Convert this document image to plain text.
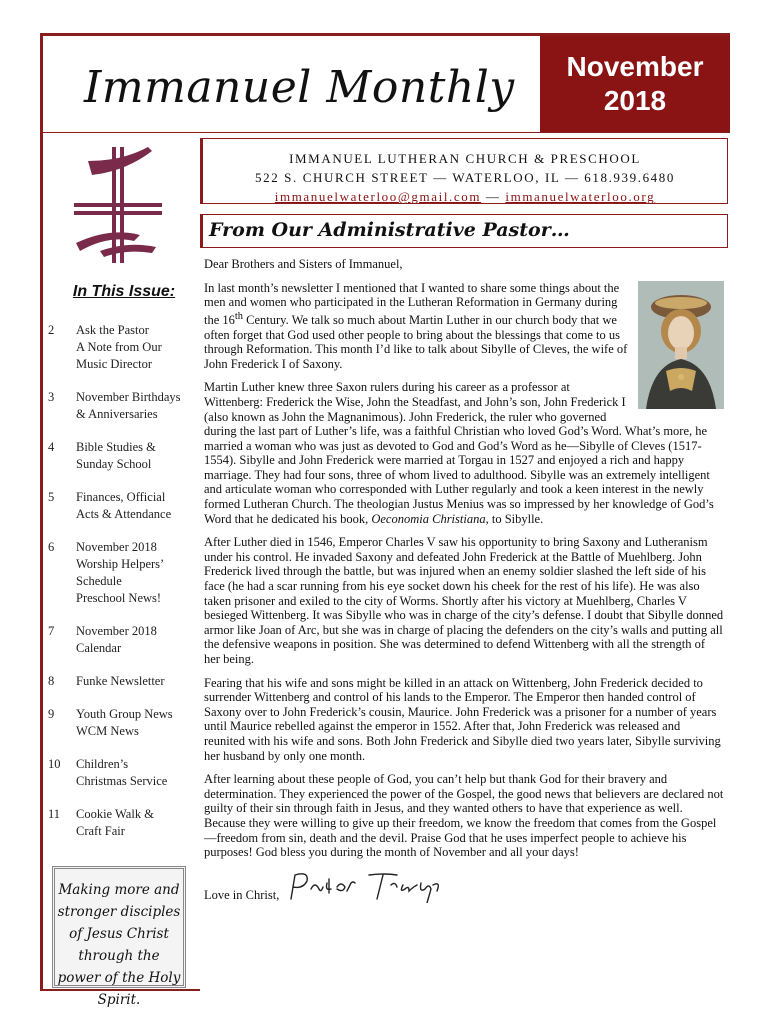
Immanuel Monthly	November
2018
IMMANUEL LUTHERAN CHURCH & PRESCHOOL
522 S. CHURCH STREET — WATERLOO, IL — 618.939.6480
immanuelwaterloo@gmail.com — immanuelwaterloo.org
From Our Administrative Pastor…
In This Issue:
2	Ask the Pastor
A Note from Our
Music Director
3	November Birthdays
& Anniversaries
4	Bible Studies &
Sunday School
5	Finances, Official
Acts & Attendance
6	November 2018
Worship Helpers’
Schedule
Preschool News!
7	November 2018
Calendar
8	Funke Newsletter
9	Youth Group News
WCM News
10	Children’s
Christmas Service
11	Cookie Walk &
Craft Fair
Making more and stronger disciples of Jesus Christ through the power of the Holy Spirit.

Dear Brothers and Sisters of Immanuel,

In last month’s newsletter I mentioned that I wanted to share some things about the men and women who participated in the Lutheran Reformation in Germany during the 16th Century. We talk so much about Martin Luther in our church body that we often forget that God used other people to bring about the blessings that come to us through Reformation. This month I’d like to talk about Sibylle of Cleves, the wife of John Frederick I of Saxony.

Martin Luther knew three Saxon rulers during his career as a professor at Wittenberg: Frederick the Wise, John the Steadfast, and John’s son, John Frederick I (also known as John the Magnanimous). John Frederick, the ruler who governed during the last part of Luther’s life, was a faithful Christian who loved God’s Word. What’s more, he married a woman who was just as devoted to God and God’s Word as he—Sibylle of Cleves (1517-1554). Sibylle and John Frederick were married at Torgau in 1527 and enjoyed a rich and happy marriage. They had four sons, three of whom lived to adulthood. Sibylle was an extremely intelligent and articulate woman who corresponded with Luther regularly and took a keen interest in the newly formed Lutheran Church. The theologian Justus Menius was so impressed by her knowledge of God’s Word that he dedicated his book, Oeconomia Christiana, to Sibylle.

After Luther died in 1546, Emperor Charles V saw his opportunity to bring Saxony and Lutheranism under his control. He invaded Saxony and defeated John Frederick at the Battle of Muehlberg. John Frederick lived through the battle, but was injured when an enemy soldier slashed the left side of his face (he had a scar running from his eye socket down his cheek for the rest of his life). He was also taken prisoner and exiled to the city of Worms. Shortly after his victory at Muehlberg, Charles V besieged Wittenberg. It was Sibylle who was in charge of the city’s defense. I doubt that Sibylle donned armor like Joan of Arc, but she was in charge of placing the defenders on the city’s walls and putting all the defensive weapons in position. She was determined to defend Wittenberg with all the strength of her being.

Fearing that his wife and sons might be killed in an attack on Wittenberg, John Frederick decided to surrender Wittenberg and control of his lands to the Emperor. The Emperor then handed control of Saxony over to John Frederick’s cousin, Maurice. John Frederick was a prisoner for a number of years until Maurice rebelled against the emperor in 1552. After that, John Frederick was released and reunited with his wife and sons. Both John Frederick and Sibylle died two years later, Sibylle surviving her husband by only one month.

After learning about these people of God, you can’t help but thank God for their bravery and determination. They experienced the power of the Gospel, the good news that believers are declared not guilty of their sin through faith in Jesus, and they wanted others to have that experience as well. Because they were willing to give up their freedom, we know the freedom that comes from the Gospel—freedom from sin, death and the devil. Praise God that he uses imperfect people to achieve his purposes! God bless you during the month of November and all your days!

Love in Christ,
